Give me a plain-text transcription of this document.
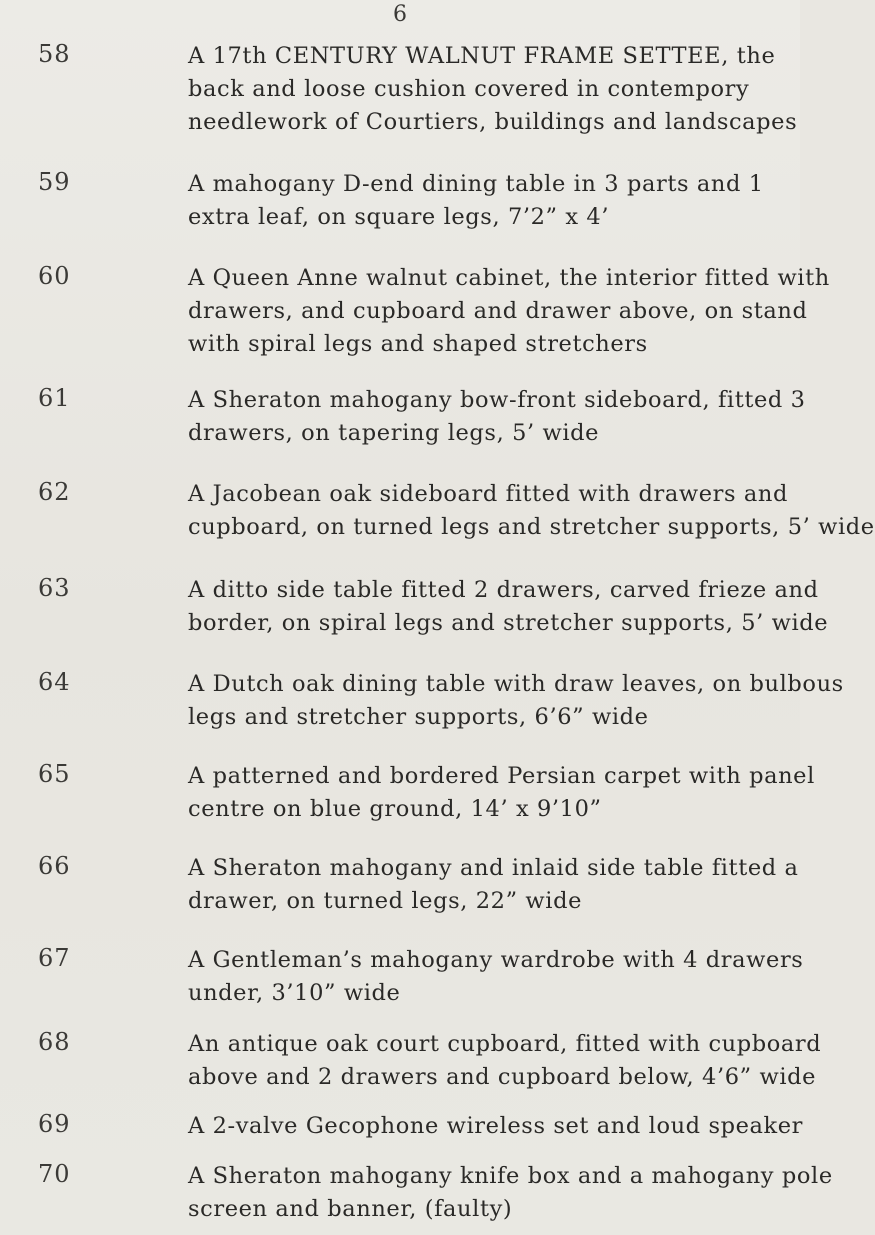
6
58	A 17th CENTURY WALNUT FRAME SETTEE, the
back and loose cushion covered in contempory
needlework of Courtiers, buildings and landscapes
59	A mahogany D-end dining table in 3 parts and 1
extra leaf, on square legs, 7’2” x 4’
60	A Queen Anne walnut cabinet, the interior fitted with
drawers, and cupboard and drawer above, on stand
with spiral legs and shaped stretchers
61	A Sheraton mahogany bow-front sideboard, fitted 3
drawers, on tapering legs, 5’ wide
62	A Jacobean oak sideboard fitted with drawers and
cupboard, on turned legs and stretcher supports, 5’ wide
63	A ditto side table fitted 2 drawers, carved frieze and
border, on spiral legs and stretcher supports, 5’ wide
64	A Dutch oak dining table with draw leaves, on bulbous
legs and stretcher supports, 6’6” wide
65	A patterned and bordered Persian carpet with panel
centre on blue ground, 14’ x 9’10”
66	A Sheraton mahogany and inlaid side table fitted a
drawer, on turned legs, 22” wide
67	A Gentleman’s mahogany wardrobe with 4 drawers
under, 3’10” wide
68	An antique oak court cupboard, fitted with cupboard
above and 2 drawers and cupboard below, 4’6” wide
69	A 2-valve Gecophone wireless set and loud speaker
70	A Sheraton mahogany knife box and a mahogany pole
screen and banner, (faulty)
